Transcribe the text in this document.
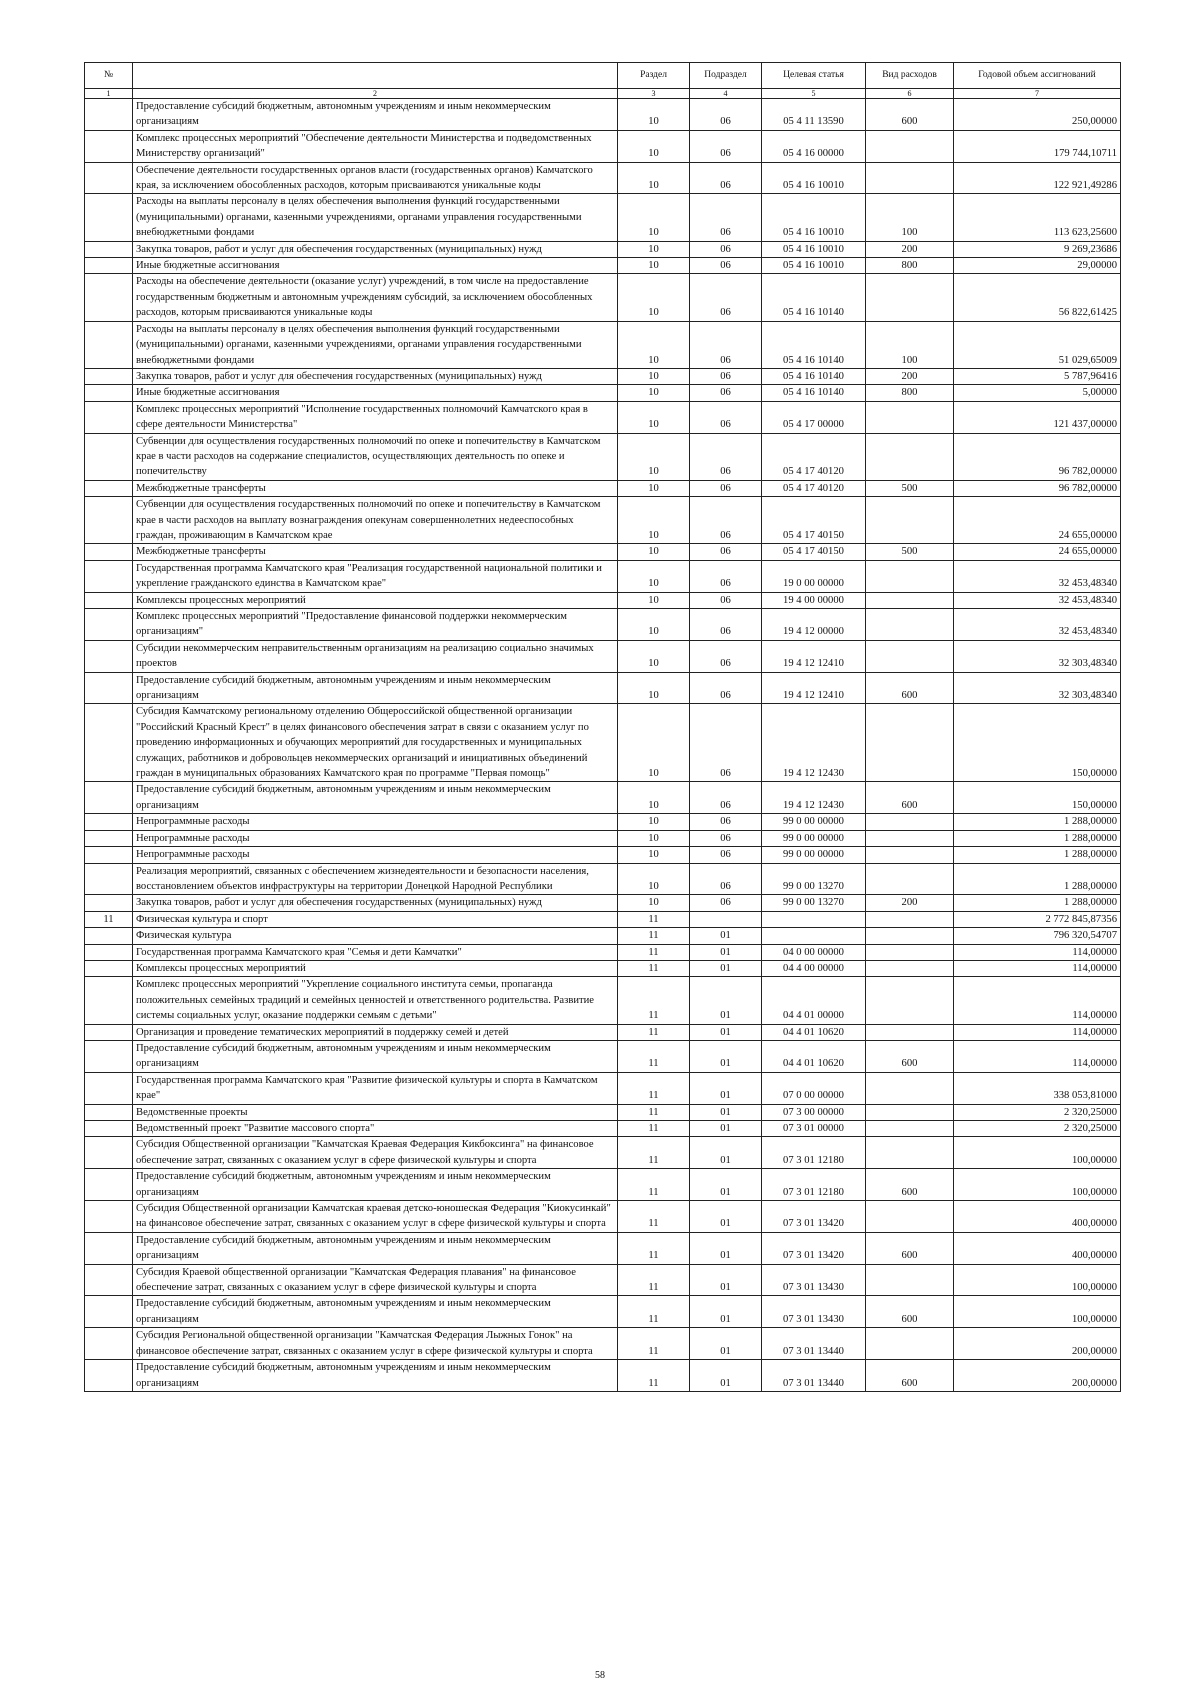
№		Раздел	Подраздел	Целевая статья	Вид расходов	Годовой объем ассигнований
1	2	3	4	5	6	7
	Предоставление субсидий бюджетным, автономным учреждениям и иным некоммерческим организациям	10	06	05 4 11 13590	600	250,00000
	Комплекс процессных мероприятий "Обеспечение деятельности Министерства и подведомственных Министерству организаций"	10	06	05 4 16 00000		179 744,10711
	Обеспечение деятельности государственных органов власти (государственных органов) Камчатского края, за исключением обособленных расходов, которым присваиваются уникальные коды	10	06	05 4 16 10010		122 921,49286
	Расходы на выплаты персоналу в целях обеспечения выполнения функций государственными (муниципальными) органами, казенными учреждениями, органами управления государственными внебюджетными фондами	10	06	05 4 16 10010	100	113 623,25600
	Закупка товаров, работ и услуг для обеспечения государственных (муниципальных) нужд	10	06	05 4 16 10010	200	9 269,23686
	Иные бюджетные ассигнования	10	06	05 4 16 10010	800	29,00000
	Расходы на обеспечение деятельности (оказание услуг) учреждений, в том числе на предоставление государственным бюджетным и автономным учреждениям субсидий, за исключением обособленных расходов, которым присваиваются уникальные коды	10	06	05 4 16 10140		56 822,61425
	Расходы на выплаты персоналу в целях обеспечения выполнения функций государственными (муниципальными) органами, казенными учреждениями, органами управления государственными внебюджетными фондами	10	06	05 4 16 10140	100	51 029,65009
	Закупка товаров, работ и услуг для обеспечения государственных (муниципальных) нужд	10	06	05 4 16 10140	200	5 787,96416
	Иные бюджетные ассигнования	10	06	05 4 16 10140	800	5,00000
	Комплекс процессных мероприятий "Исполнение государственных полномочий Камчатского края в сфере деятельности Министерства"	10	06	05 4 17 00000		121 437,00000
	Субвенции для осуществления государственных полномочий по опеке и попечительству в Камчатском крае в части расходов на содержание специалистов, осуществляющих деятельность по опеке и попечительству	10	06	05 4 17 40120		96 782,00000
	Межбюджетные трансферты	10	06	05 4 17 40120	500	96 782,00000
	Субвенции для осуществления государственных полномочий по опеке и попечительству в Камчатском крае в части расходов на выплату вознаграждения опекунам совершеннолетних недееспособных граждан, проживающим в Камчатском крае	10	06	05 4 17 40150		24 655,00000
	Межбюджетные трансферты	10	06	05 4 17 40150	500	24 655,00000
	Государственная программа Камчатского края "Реализация государственной национальной политики и укрепление гражданского единства в Камчатском крае"	10	06	19 0 00 00000		32 453,48340
	Комплексы процессных мероприятий	10	06	19 4 00 00000		32 453,48340
	Комплекс процессных мероприятий "Предоставление финансовой поддержки некоммерческим организациям"	10	06	19 4 12 00000		32 453,48340
	Субсидии некоммерческим неправительственным организациям на реализацию социально значимых проектов	10	06	19 4 12 12410		32 303,48340
	Предоставление субсидий бюджетным, автономным учреждениям и иным некоммерческим организациям	10	06	19 4 12 12410	600	32 303,48340
	Субсидия Камчатскому региональному отделению Общероссийской общественной организации "Российский Красный Крест" в целях финансового обеспечения затрат в связи с оказанием услуг по проведению информационных и обучающих мероприятий для государственных и муниципальных служащих, работников и добровольцев некоммерческих организаций и инициативных объединений граждан в муниципальных образованиях Камчатского края по программе "Первая помощь"	10	06	19 4 12 12430		150,00000
	Предоставление субсидий бюджетным, автономным учреждениям и иным некоммерческим организациям	10	06	19 4 12 12430	600	150,00000
	Непрограммные расходы	10	06	99 0 00 00000		1 288,00000
	Непрограммные расходы	10	06	99 0 00 00000		1 288,00000
	Непрограммные расходы	10	06	99 0 00 00000		1 288,00000
	Реализация мероприятий, связанных с обеспечением жизнедеятельности и безопасности населения, восстановлением объектов инфраструктуры на территории Донецкой Народной Республики	10	06	99 0 00 13270		1 288,00000
	Закупка товаров, работ и услуг для обеспечения государственных (муниципальных) нужд	10	06	99 0 00 13270	200	1 288,00000
11	Физическая культура и спорт	11				2 772 845,87356
	Физическая культура	11	01			796 320,54707
	Государственная программа Камчатского края "Семья и дети Камчатки"	11	01	04 0 00 00000		114,00000
	Комплексы процессных мероприятий	11	01	04 4 00 00000		114,00000
	Комплекс процессных мероприятий "Укрепление социального института семьи, пропаганда положительных семейных традиций и семейных ценностей и ответственного родительства. Развитие системы социальных услуг, оказание поддержки семьям с детьми"	11	01	04 4 01 00000		114,00000
	Организация и проведение тематических мероприятий в поддержку семей и детей	11	01	04 4 01 10620		114,00000
	Предоставление субсидий бюджетным, автономным учреждениям и иным некоммерческим организациям	11	01	04 4 01 10620	600	114,00000
	Государственная программа Камчатского края "Развитие физической культуры и спорта в Камчатском крае"	11	01	07 0 00 00000		338 053,81000
	Ведомственные проекты	11	01	07 3 00 00000		2 320,25000
	Ведомственный проект "Развитие массового спорта"	11	01	07 3 01 00000		2 320,25000
	Субсидия Общественной организации "Камчатская Краевая Федерация Кикбоксинга" на финансовое обеспечение затрат, связанных с оказанием услуг в сфере физической культуры и спорта	11	01	07 3 01 12180		100,00000
	Предоставление субсидий бюджетным, автономным учреждениям и иным некоммерческим организациям	11	01	07 3 01 12180	600	100,00000
	Субсидия Общественной организации Камчатская краевая детско-юношеская Федерация "Киокусинкай" на финансовое обеспечение затрат, связанных с оказанием услуг в сфере физической культуры и спорта	11	01	07 3 01 13420		400,00000
	Предоставление субсидий бюджетным, автономным учреждениям и иным некоммерческим организациям	11	01	07 3 01 13420	600	400,00000
	Субсидия Краевой общественной организации "Камчатская Федерация плавания" на финансовое обеспечение затрат, связанных с оказанием услуг в сфере физической культуры и спорта	11	01	07 3 01 13430		100,00000
	Предоставление субсидий бюджетным, автономным учреждениям и иным некоммерческим организациям	11	01	07 3 01 13430	600	100,00000
	Субсидия Региональной общественной организации "Камчатская Федерация Лыжных Гонок" на финансовое обеспечение затрат, связанных с оказанием услуг в сфере физической культуры и спорта	11	01	07 3 01 13440		200,00000
	Предоставление субсидий бюджетным, автономным учреждениям и иным некоммерческим организациям	11	01	07 3 01 13440	600	200,00000
58
